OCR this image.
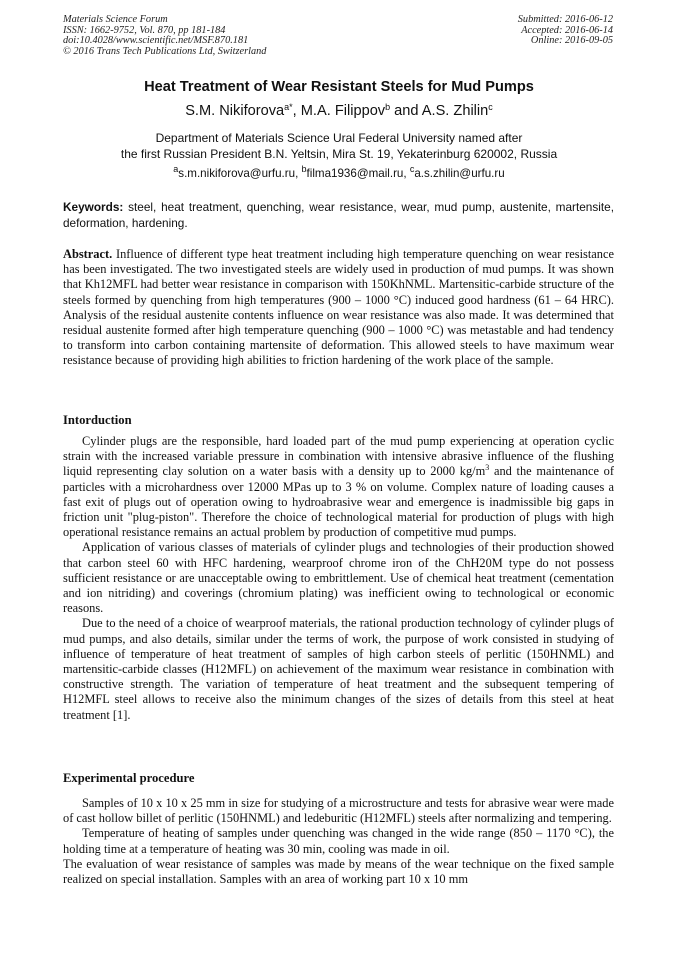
Materials Science Forum
ISSN: 1662-9752, Vol. 870, pp 181-184
doi:10.4028/www.scientific.net/MSF.870.181
© 2016 Trans Tech Publications Ltd, Switzerland
Submitted: 2016-06-12
Accepted: 2016-06-14
Online: 2016-09-05
Heat Treatment of Wear Resistant Steels for Mud Pumps
S.M. Nikiforova$^{a*}$, M.A. Filippov$^b$ and A.S. Zhilin$^c$
Department of Materials Science Ural Federal University named after
the first Russian President B.N. Yeltsin, Mira St. 19, Yekaterinburg 620002, Russia
$^a$s.m.nikiforova@urfu.ru, $^b$filma1936@mail.ru, $^c$a.s.zhilin@urfu.ru
Keywords: steel, heat treatment, quenching, wear resistance, wear, mud pump, austenite, martensite, deformation, hardening.
Abstract. Influence of different type heat treatment including high temperature quenching on wear resistance has been investigated. The two investigated steels are widely used in production of mud pumps. It was shown that Kh12MFL had better wear resistance in comparison with 150KhNML. Martensitic-carbide structure of the steels formed by quenching from high temperatures (900 – 1000 °C) induced good hardness (61 – 64 HRC). Analysis of the residual austenite contents influence on wear resistance was also made. It was determined that residual austenite formed after high temperature quenching (900 – 1000 °C) was metastable and had tendency to transform into carbon containing martensite of deformation. This allowed steels to have maximum wear resistance because of providing high abilities to friction hardening of the work place of the sample.
Intorduction

Cylinder plugs are the responsible, hard loaded part of the mud pump experiencing at operation cyclic strain with the increased variable pressure in combination with intensive abrasive influence of the flushing liquid representing clay solution on a water basis with a density up to 2000 $kg/m^3$ and the maintenance of particles with a microhardness over 12000 MPas up to 3 % on volume. Complex nature of loading causes a fast exit of plugs out of operation owing to hydroabrasive wear and emergence is inadmissible big gaps in friction unit "plug-piston". Therefore the choice of technological material for production of plugs with high operational resistance remains an actual problem by production of competitive mud pumps.

Application of various classes of materials of cylinder plugs and technologies of their production showed that carbon steel 60 with HFC hardening, wearproof chrome iron of the ChH20M type do not possess sufficient resistance or are unacceptable owing to embrittlement. Use of chemical heat treatment (cementation and ion nitriding) and coverings (chromium plating) was inefficient owing to technological or economic reasons.

Due to the need of a choice of wearproof materials, the rational production technology of cylinder plugs of mud pumps, and also details, similar under the terms of work, the purpose of work consisted in studying of influence of temperature of heat treatment of samples of high carbon steels of perlitic (150HNML) and martensitic-carbide classes (H12MFL) on achievement of the maximum wear resistance in combination with constructive strength. The variation of temperature of heat treatment and the subsequent tempering of H12MFL steel allows to receive also the minimum changes of the sizes of details from this steel at heat treatment [1].

Experimental procedure

Samples of 10 x 10 x 25 mm in size for studying of a microstructure and tests for abrasive wear were made of cast hollow billet of perlitic (150HNML) and ledeburitic (H12MFL) steels after normalizing and tempering.

Temperature of heating of samples under quenching was changed in the wide range (850 – 1170 °C), the holding time at a temperature of heating was 30 min, cooling was made in oil.

The evaluation of wear resistance of samples was made by means of the wear technique on the fixed sample realized on special installation. Samples with an area of working part 10 x 10 mm
